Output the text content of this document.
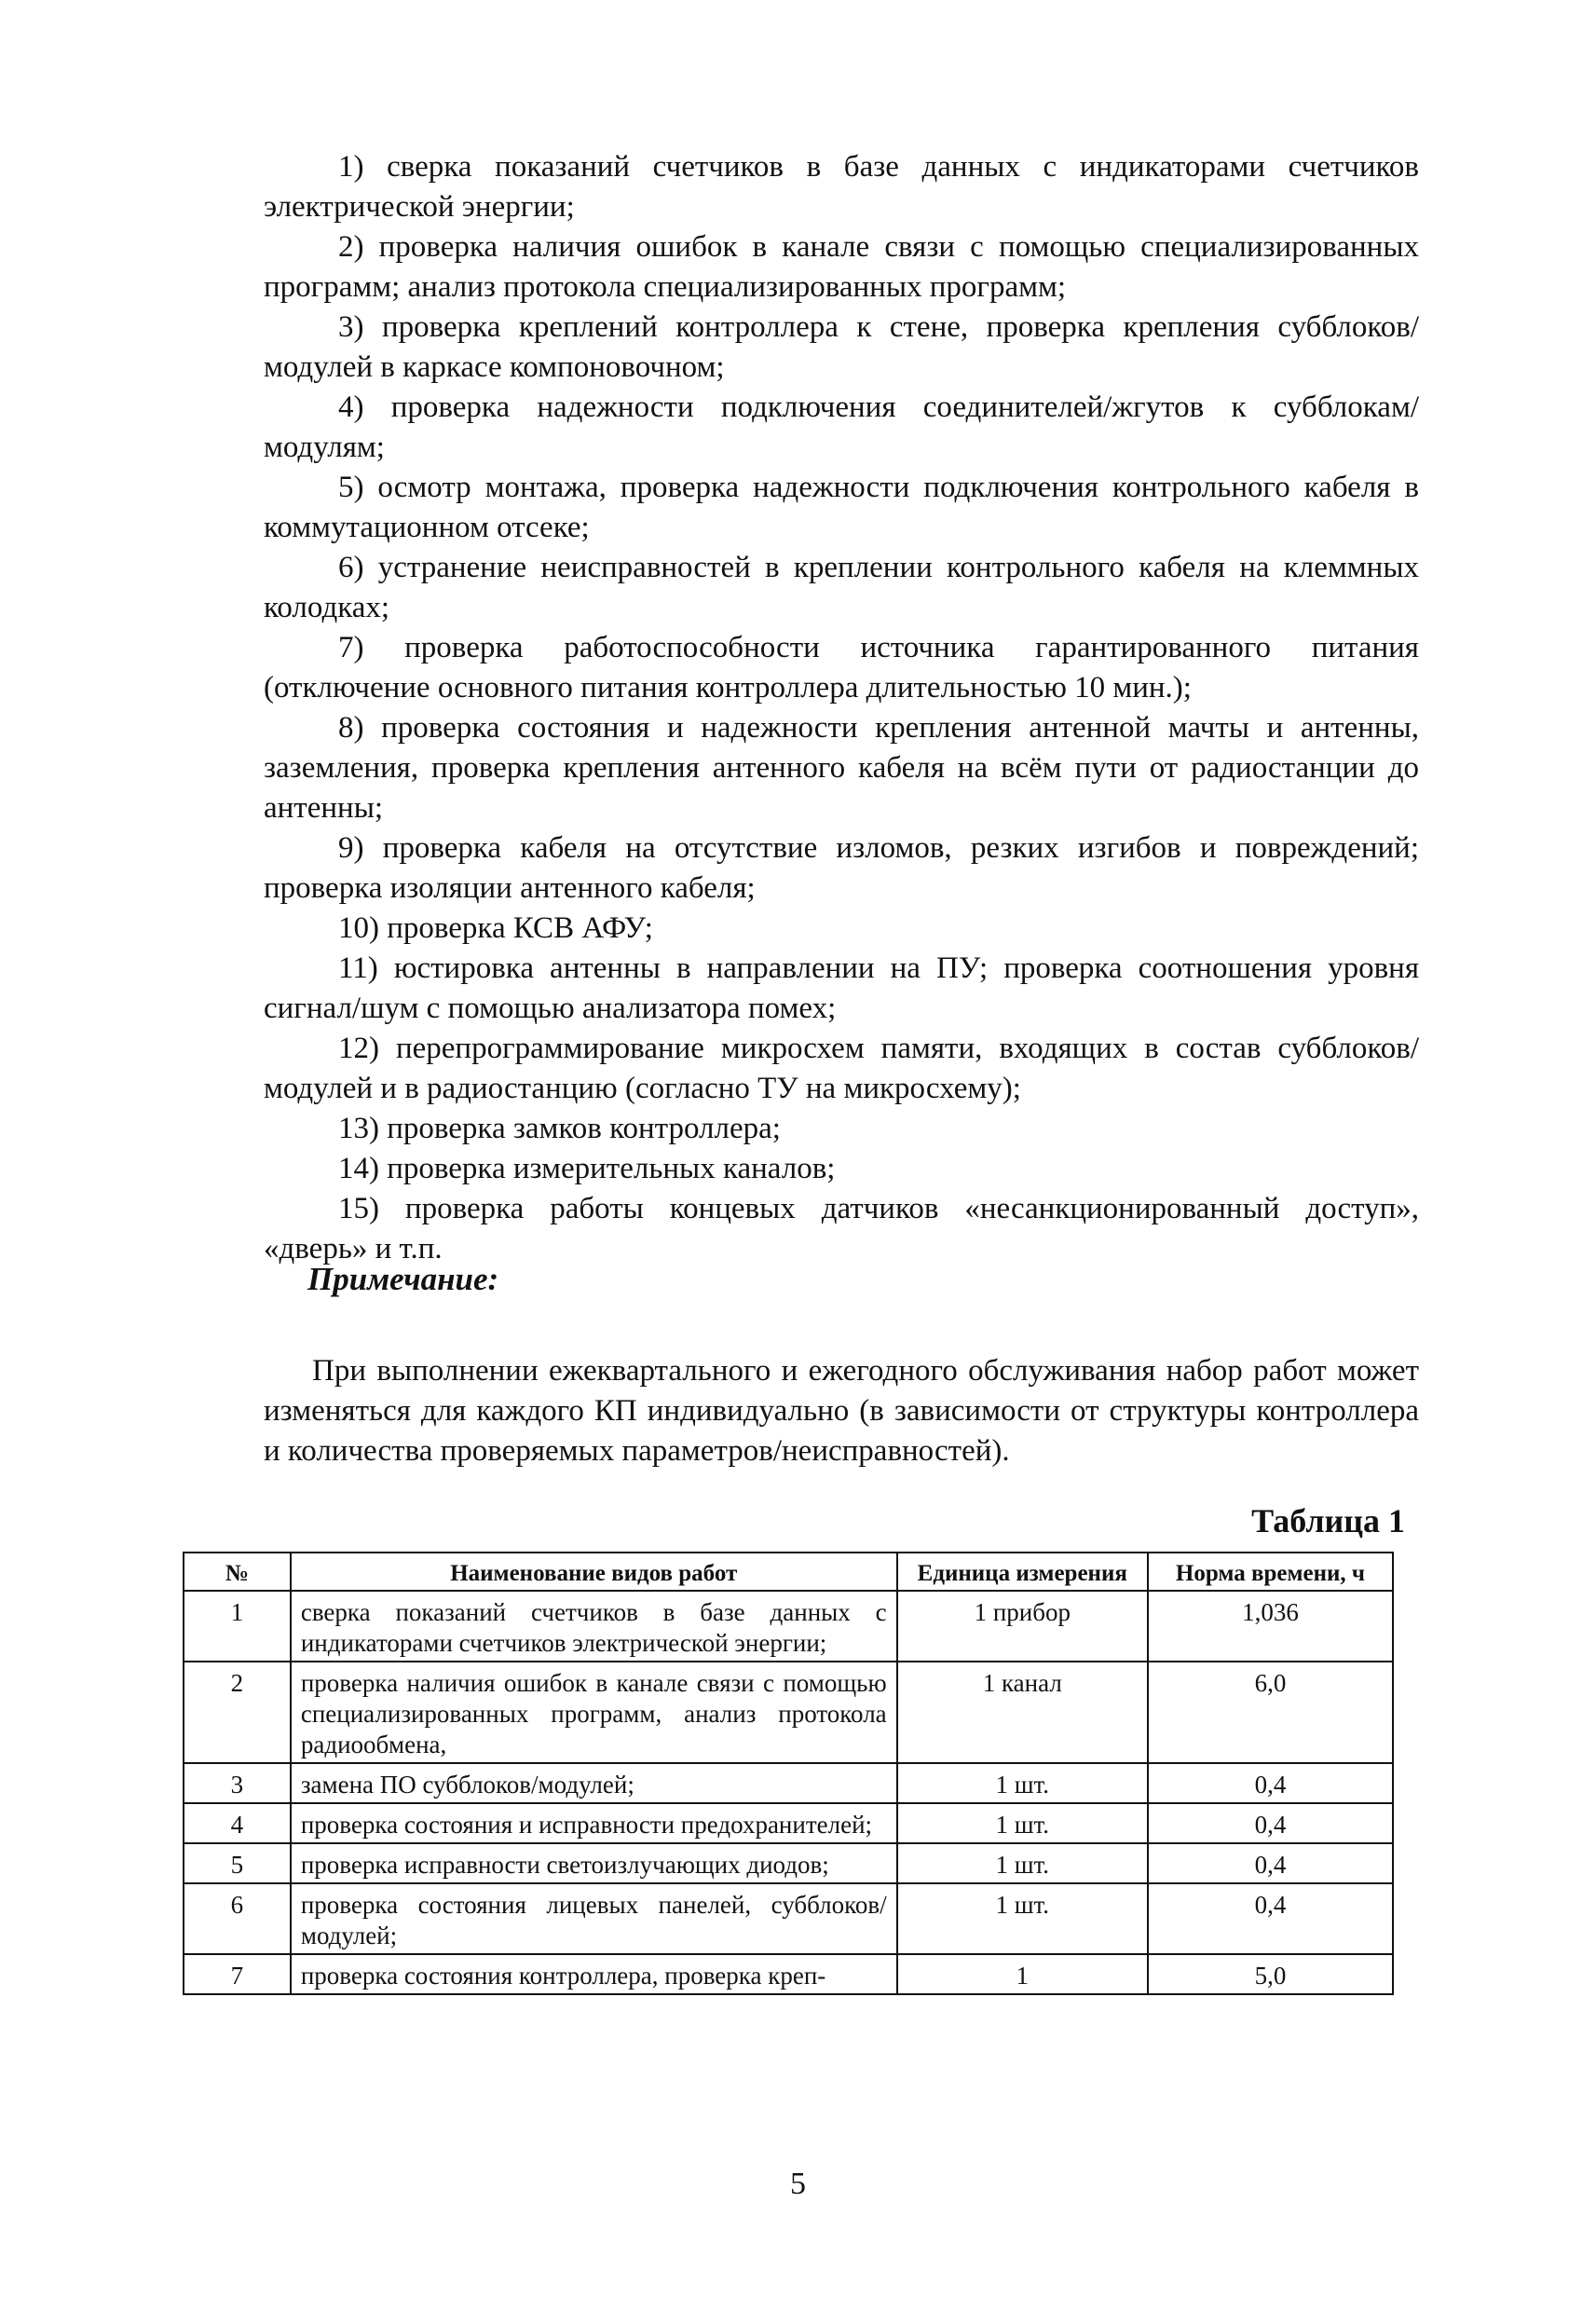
1) сверка показаний счетчиков в базе данных с индикаторами счетчиков электрической энергии;

2) проверка наличия ошибок в канале связи с помощью специализированных программ; анализ протокола специализированных программ;

3) проверка креплений контроллера к стене, проверка крепления субблоков/модулей в каркасе компоновочном;

4) проверка надежности подключения соединителей/жгутов к субблокам/модулям;

5) осмотр монтажа, проверка надежности подключения контрольного кабеля в коммутационном отсеке;

6) устранение неисправностей в креплении контрольного кабеля на клеммных колодках;

7) проверка работоспособности источника гарантированного питания (отключение основного питания контроллера длительностью 10 мин.);

8) проверка состояния и надежности крепления антенной мачты и антенны, заземления, проверка крепления антенного кабеля на всём пути от радиостанции до антенны;

9) проверка кабеля на отсутствие изломов, резких изгибов и повреждений; проверка изоляции антенного кабеля;

10) проверка КСВ АФУ;

11) юстировка антенны в направлении на ПУ; проверка соотношения уровня сигнал/шум с помощью анализатора помех;

12) перепрограммирование микросхем памяти, входящих в состав субблоков/модулей и в радиостанцию (согласно ТУ на микросхему);

13) проверка замков контроллера;

14) проверка измерительных каналов;

15) проверка работы концевых датчиков «несанкционированный доступ», «дверь» и т.п.

Примечание:
При выполнении ежеквартального и ежегодного обслуживания набор работ может изменяться для каждого КП индивидуально (в зависимости от структуры контроллера и количества проверяемых параметров/неисправностей).
Таблица 1
№	Наименование видов работ	Единица измерения	Норма времени, ч
1	сверка показаний счетчиков в базе данных с индикаторами счетчиков электрической энергии;	1 прибор	1,036
2	проверка наличия ошибок в канале связи с помощью специализированных программ, анализ протокола радиообмена,	1 канал	6,0
3	замена ПО субблоков/модулей;	1 шт.	0,4
4	проверка состояния и исправности предохранителей;	1 шт.	0,4
5	проверка исправности светоизлучающих диодов;	1 шт.	0,4
6	проверка состояния лицевых панелей, субблоков/модулей;	1 шт.	0,4
7	проверка состояния контроллера, проверка креп-	1	5,0
5
